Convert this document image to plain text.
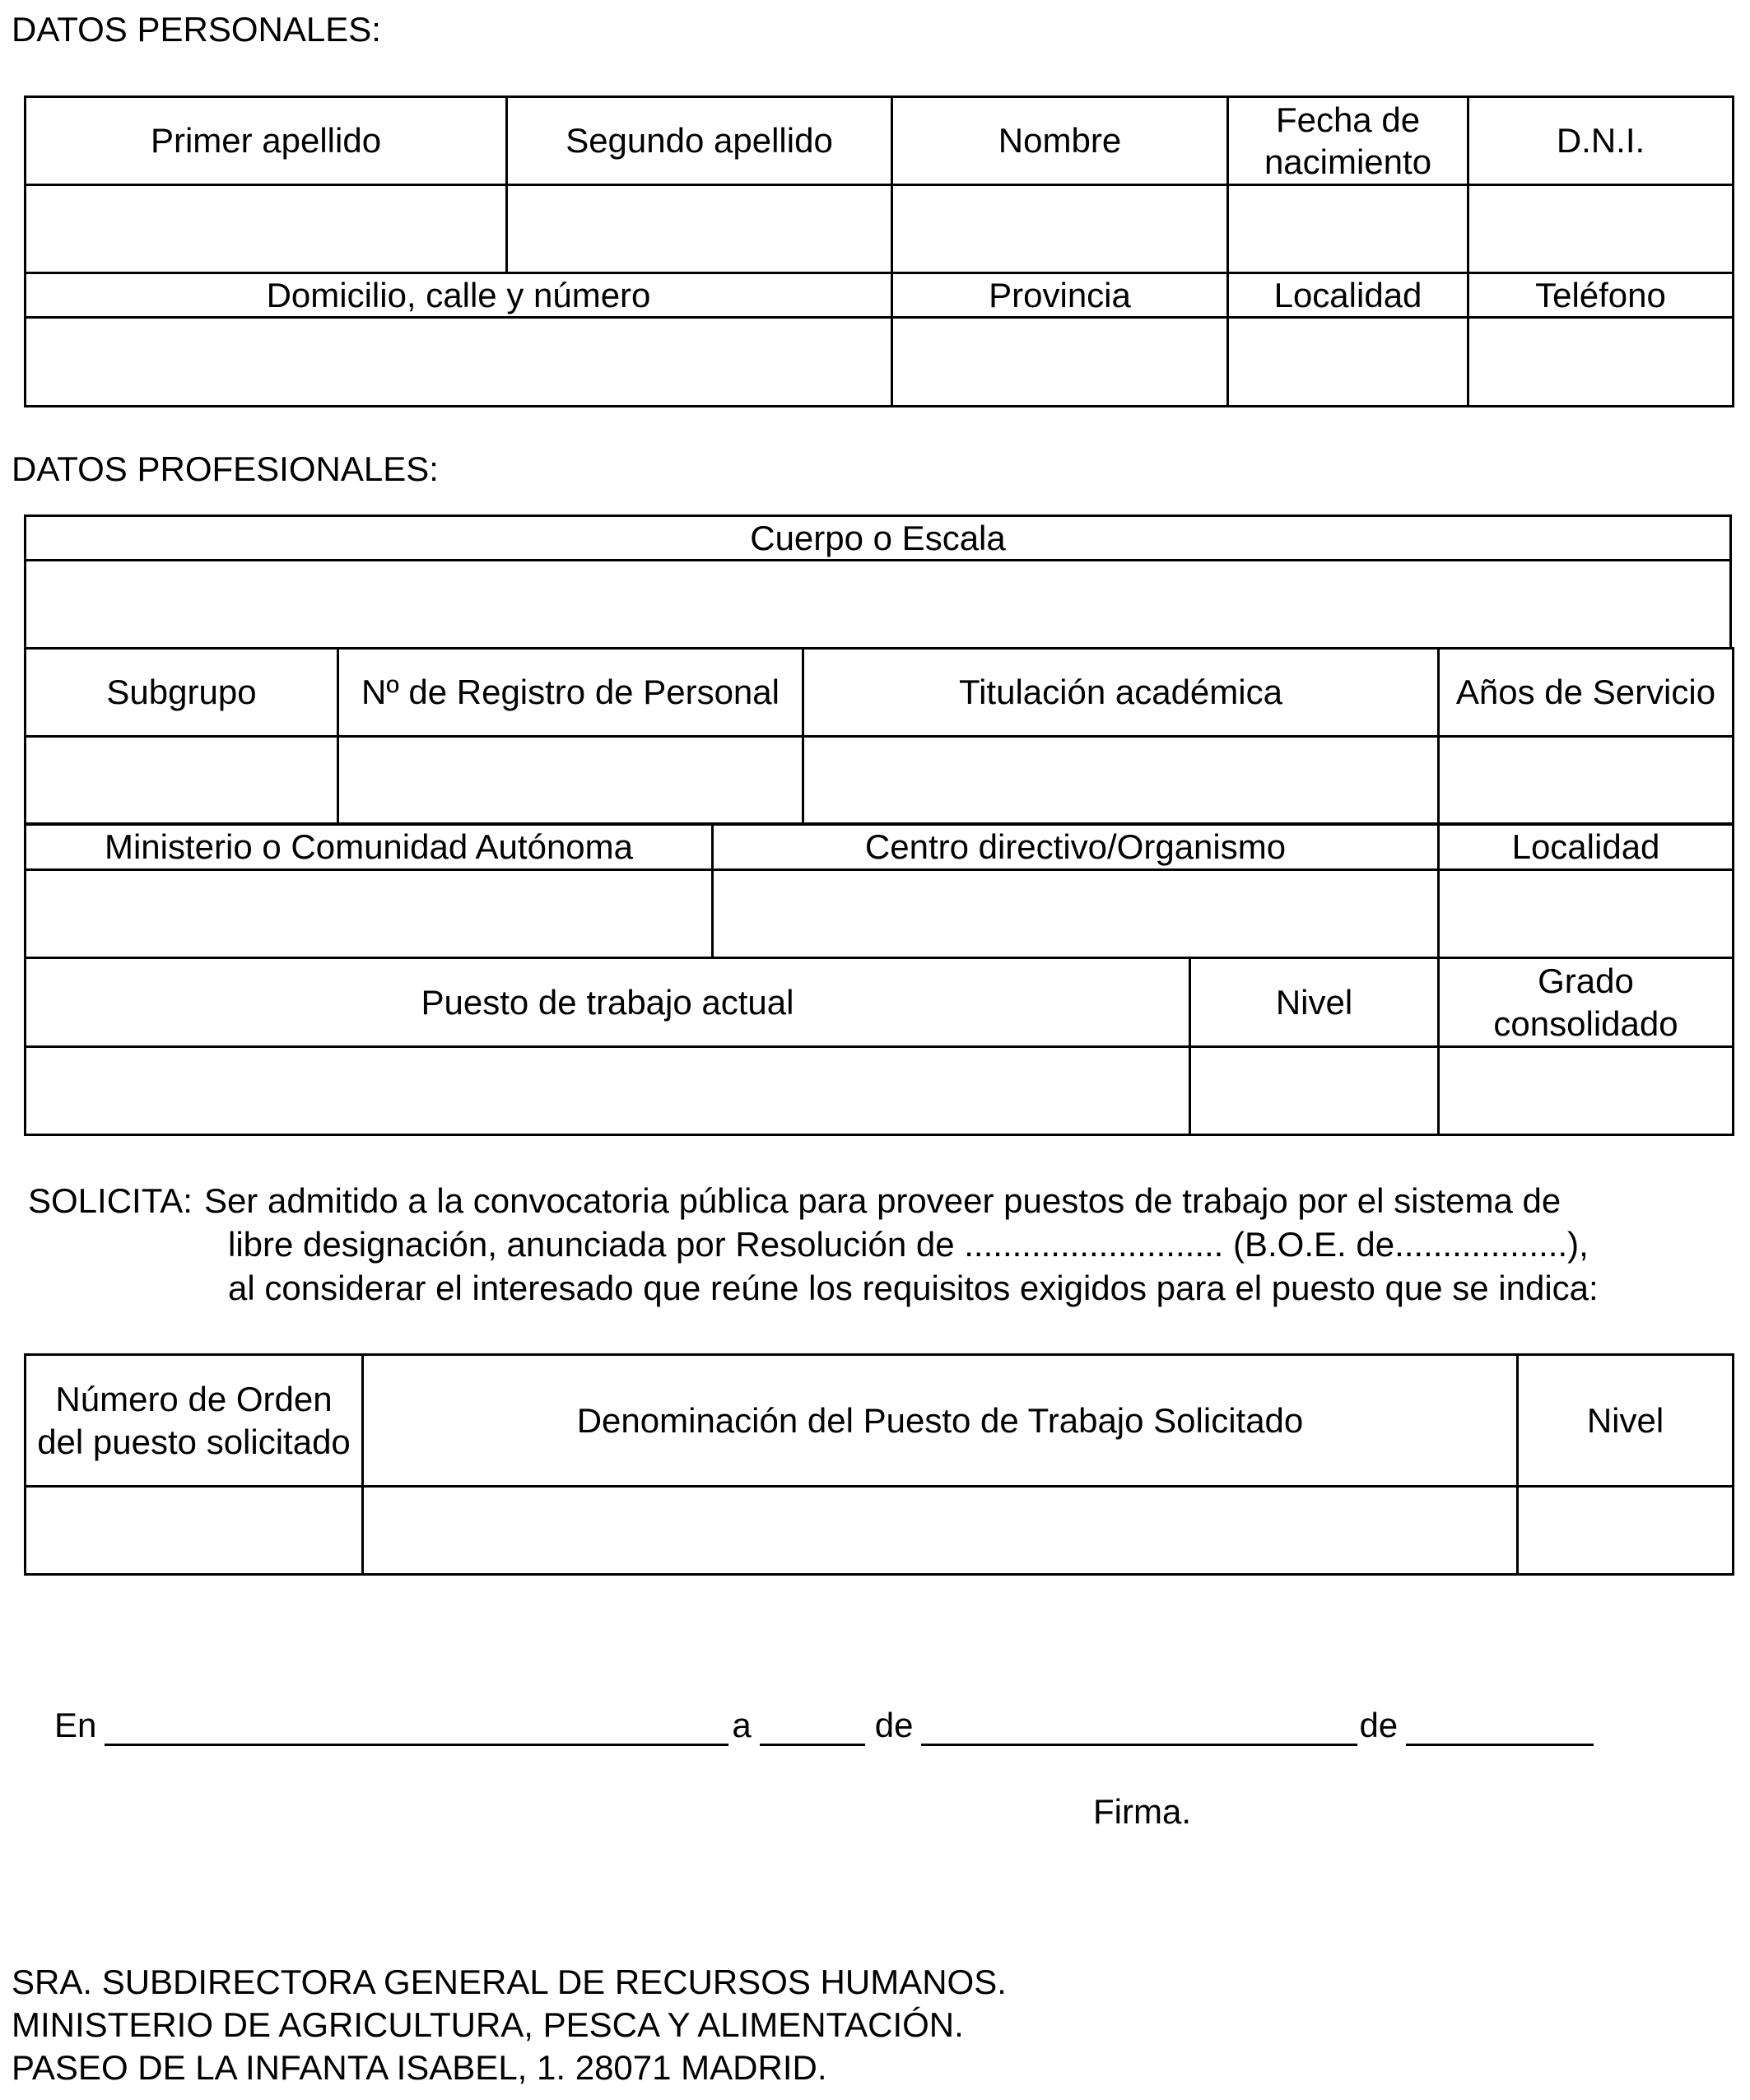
DATOS PERSONALES:
Primer apellido	Segundo apellido	Nombre	Fecha de nacimiento	D.N.I.

Domicilio, calle y número		Provincia	Localidad	Teléfono

DATOS PROFESIONALES:
Cuerpo o Escala

Subgrupo	Nº de Registro de Personal	Titulación académica	Años de Servicio

Ministerio o Comunidad Autónoma	Centro directivo/Organismo	Localidad

Puesto de trabajo actual	Nivel	Grado consolidado

SOLICITA: Ser admitido a la convocatoria pública para proveer puestos de trabajo por el sistema de
libre designación, anunciada por Resolución de ........................... (B.O.E. de..................),
al considerar el interesado que reúne los requisitos exigidos para el puesto que se indica:
Número de Orden del puesto solicitado	Denominación del Puesto de Trabajo Solicitado	Nivel

En	a	de	de
Firma.
SRA. SUBDIRECTORA GENERAL DE RECURSOS HUMANOS.
MINISTERIO DE AGRICULTURA, PESCA Y ALIMENTACIÓN.
PASEO DE LA INFANTA ISABEL, 1. 28071 MADRID.
